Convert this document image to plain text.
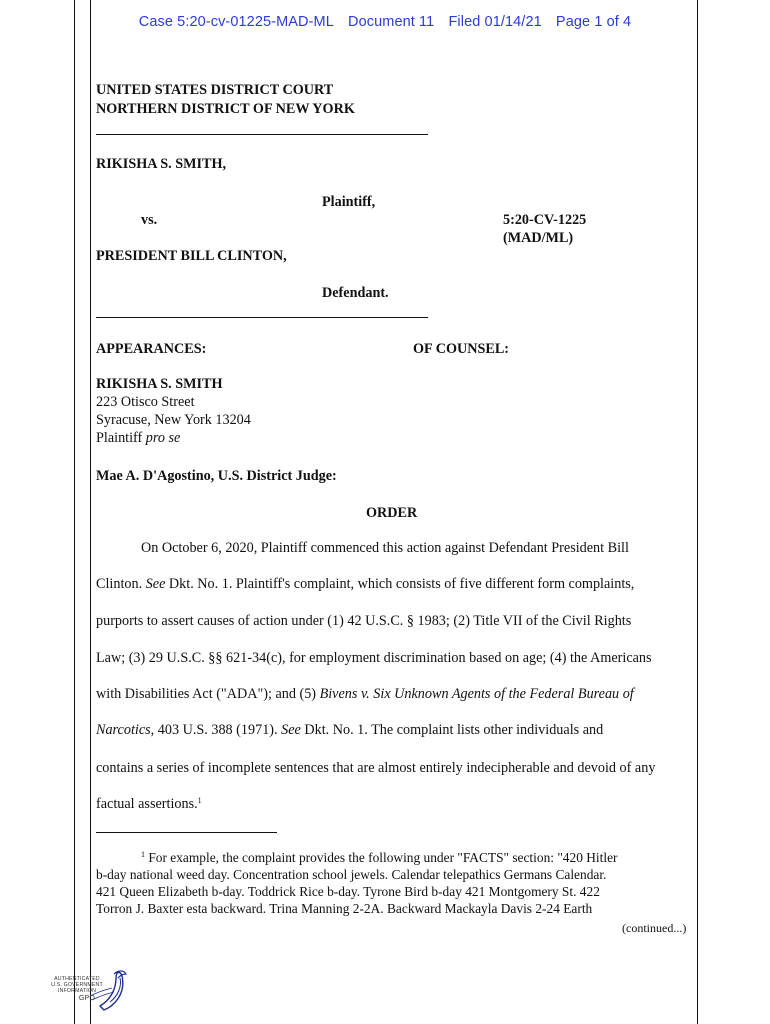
Case 5:20-cv-01225-MAD-ML Document 11 Filed 01/14/21 Page 1 of 4
UNITED STATES DISTRICT COURT
NORTHERN DISTRICT OF NEW YORK
RIKISHA S. SMITH,
Plaintiff,
vs.	5:20-CV-1225
(MAD/ML)
PRESIDENT BILL CLINTON,
Defendant.
APPEARANCES:	OF COUNSEL:
RIKISHA S. SMITH
223 Otisco Street
Syracuse, New York 13204
Plaintiff pro se
Mae A. D'Agostino, U.S. District Judge:
ORDER
On October 6, 2020, Plaintiff commenced this action against Defendant President Bill
Clinton. See Dkt. No. 1. Plaintiff's complaint, which consists of five different form complaints,
purports to assert causes of action under (1) 42 U.S.C. § 1983; (2) Title VII of the Civil Rights
Law; (3) 29 U.S.C. §§ 621-34(c), for employment discrimination based on age; (4) the Americans
with Disabilities Act ("ADA"); and (5) Bivens v. Six Unknown Agents of the Federal Bureau of
Narcotics, 403 U.S. 388 (1971). See Dkt. No. 1. The complaint lists other individuals and
contains a series of incomplete sentences that are almost entirely indecipherable and devoid of any
factual assertions.$^1$
$^1$ For example, the complaint provides the following under "FACTS" section: "420 Hitler
b-day national weed day. Concentration school jewels. Calendar telepathics Germans Calendar.
421 Queen Elizabeth b-day. Toddrick Rice b-day. Tyrone Bird b-day 421 Montgomery St. 422
Torron J. Baxter esta backward. Trina Manning 2-2A. Backward Mackayla Davis 2-24 Earth
(continued...)
AUTHENTICATED
U.S. GOVERNMENT
INFORMATION
GPO
